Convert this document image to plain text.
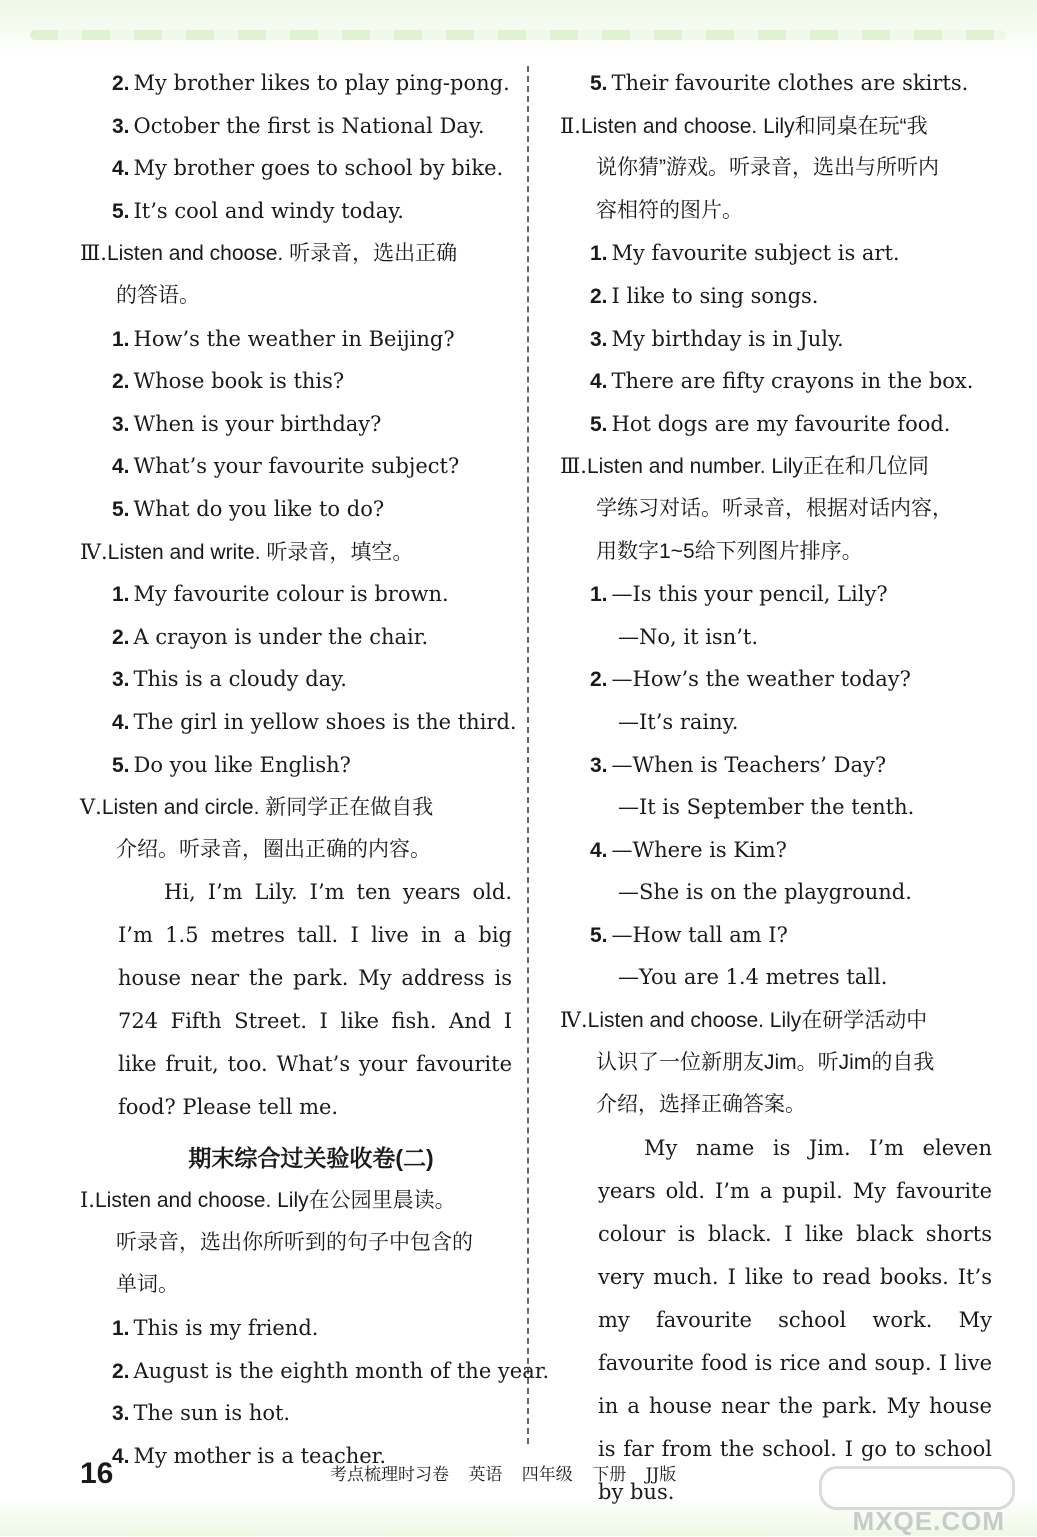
2. My brother likes to play ping-pong.
3. October the first is National Day.
4. My brother goes to school by bike.
5. It’s cool and windy today.
Ⅲ.Listen and choose. 听录音，选出正确
的答语。
1. How’s the weather in Beijing?
2. Whose book is this?
3. When is your birthday?
4. What’s your favourite subject?
5. What do you like to do?
Ⅳ.Listen and write. 听录音，填空。
1. My favourite colour is brown.
2. A crayon is under the chair.
3. This is a cloudy day.
4. The girl in yellow shoes is the third.
5. Do you like English?
Ⅴ.Listen and circle. 新同学正在做自我
介绍。听录音，圈出正确的内容。
Hi, I’m Lily. I’m ten years old. I’m 1.5 metres tall. I live in a big house near the park. My address is 724 Fifth Street. I like fish. And I like fruit, too. What’s your favourite food? Please tell me.
期末综合过关验收卷(二)
Ⅰ.Listen and choose. Lily在公园里晨读。
听录音，选出你所听到的句子中包含的
单词。
1. This is my friend.
2. August is the eighth month of the year.
3. The sun is hot.
4. My mother is a teacher.
5. Their favourite clothes are skirts.
Ⅱ.Listen and choose. Lily和同桌在玩“我
说你猜”游戏。听录音，选出与所听内
容相符的图片。
1. My favourite subject is art.
2. I like to sing songs.
3. My birthday is in July.
4. There are fifty crayons in the box.
5. Hot dogs are my favourite food.
Ⅲ.Listen and number. Lily正在和几位同
学练习对话。听录音，根据对话内容，
用数字1~5给下列图片排序。
1. —Is this your pencil, Lily?
—No, it isn’t.
2. —How’s the weather today?
—It’s rainy.
3. —When is Teachers’ Day?
—It is September the tenth.
4. —Where is Kim?
—She is on the playground.
5. —How tall am I?
—You are 1.4 metres tall.
Ⅳ.Listen and choose. Lily在研学活动中
认识了一位新朋友Jim。听Jim的自我
介绍，选择正确答案。
My name is Jim. I’m eleven years old. I’m a pupil. My favourite colour is black. I like black shorts very much. I like to read books. It’s my favourite school work. My favourite food is rice and soup. I live in a house near the park. My house is far from the school. I go to school by bus.
16	考点梳理时习卷 英语 四年级 下册 JJ版
MXQE.COM
